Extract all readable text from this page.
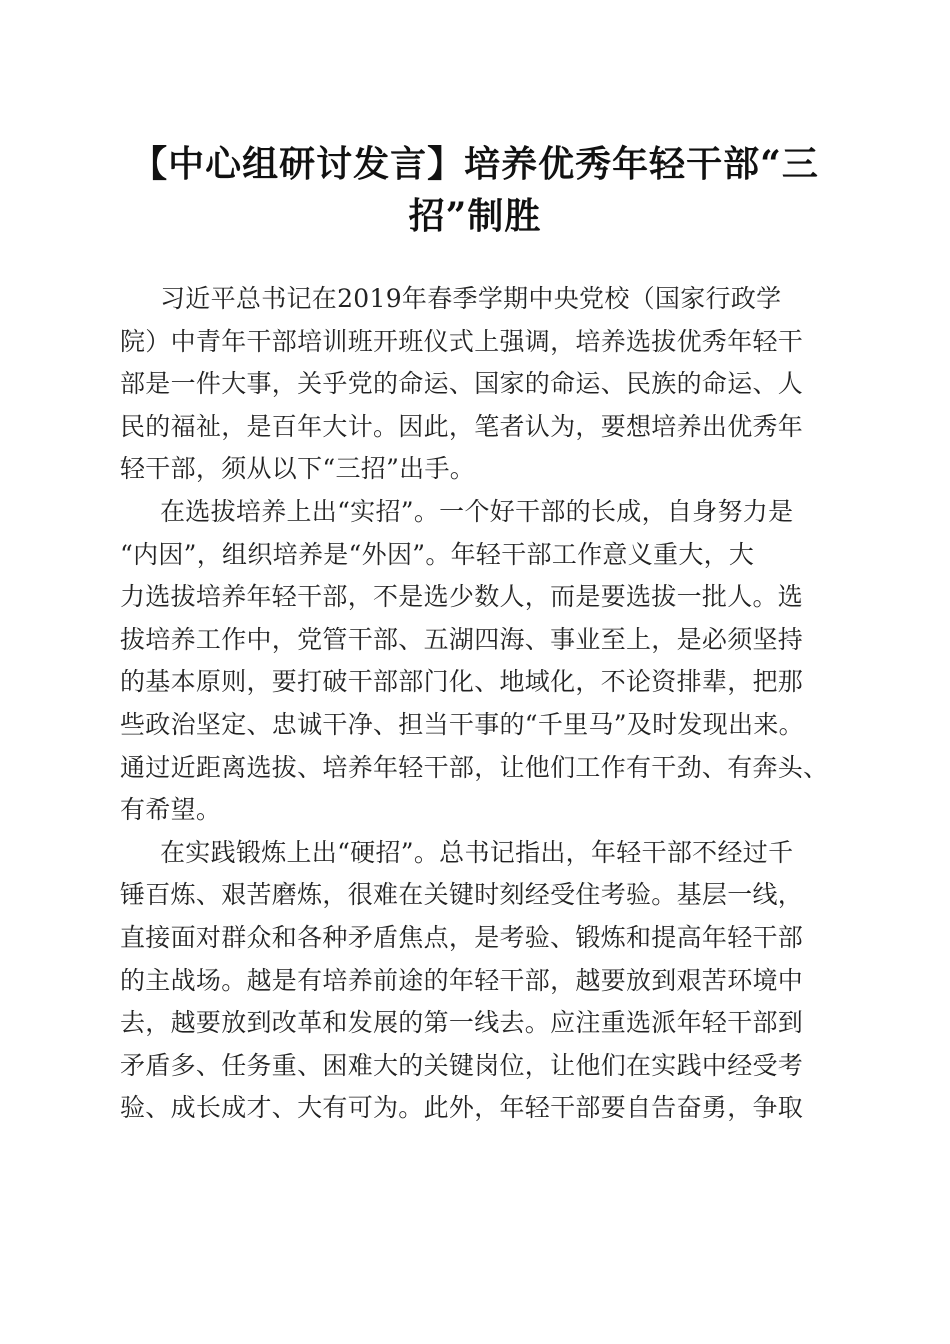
【中心组研讨发言】培养优秀年轻干部“三
招”制胜
习近平总书记在2019年春季学期中央党校（国家行政学
院）中青年干部培训班开班仪式上强调，培养选拔优秀年轻干
部是一件大事，关乎党的命运、国家的命运、民族的命运、人
民的福祉，是百年大计。因此，笔者认为，要想培养出优秀年
轻干部，须从以下“三招”出手。
在选拔培养上出“实招”。一个好干部的长成，自身努力是
“内因”，组织培养是“外因”。年轻干部工作意义重大，大
力选拔培养年轻干部，不是选少数人，而是要选拔一批人。选
拔培养工作中，党管干部、五湖四海、事业至上，是必须坚持
的基本原则，要打破干部部门化、地域化，不论资排辈，把那
些政治坚定、忠诚干净、担当干事的“千里马”及时发现出来。
通过近距离选拔、培养年轻干部，让他们工作有干劲、有奔头、
有希望。
在实践锻炼上出“硬招”。总书记指出，年轻干部不经过千
锤百炼、艰苦磨炼，很难在关键时刻经受住考验。基层一线，
直接面对群众和各种矛盾焦点，是考验、锻炼和提高年轻干部
的主战场。越是有培养前途的年轻干部，越要放到艰苦环境中
去，越要放到改革和发展的第一线去。应注重选派年轻干部到
矛盾多、任务重、困难大的关键岗位，让他们在实践中经受考
验、成长成才、大有可为。此外，年轻干部要自告奋勇，争取
